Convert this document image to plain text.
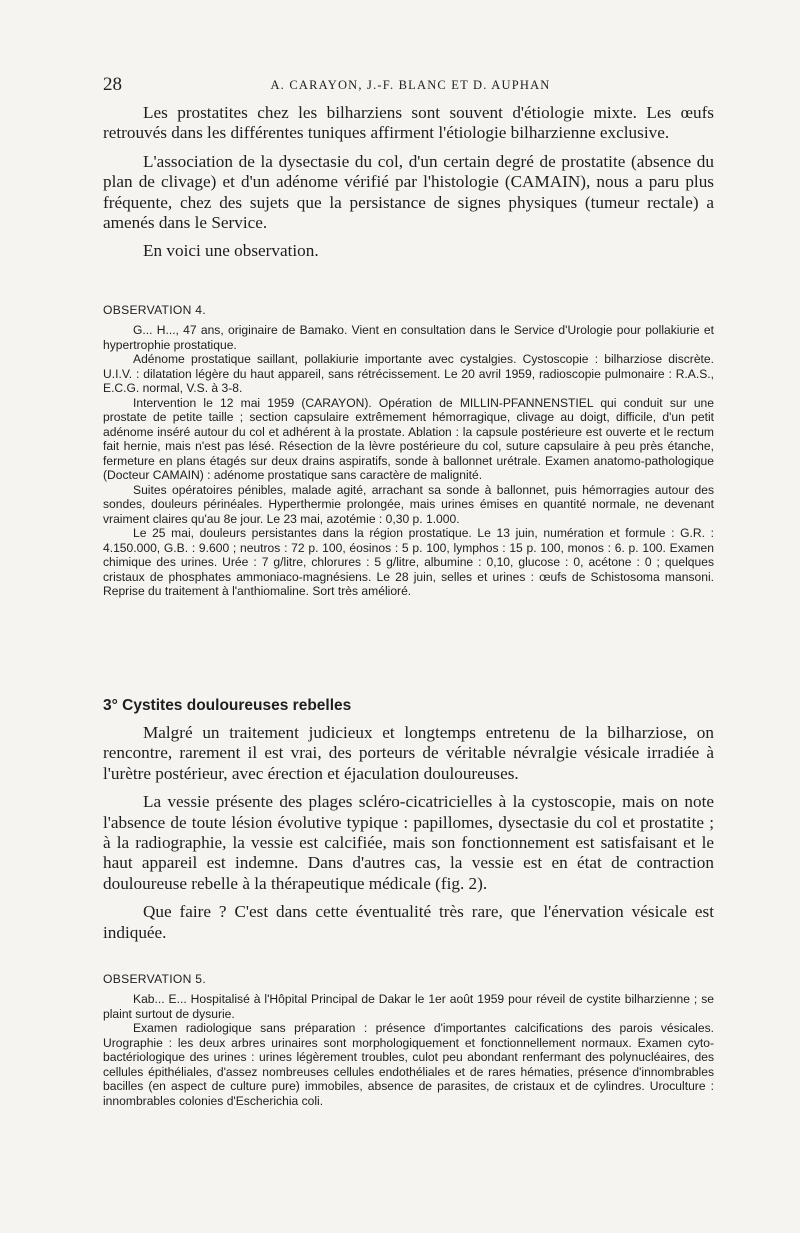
28	A. CARAYON, J.-F. BLANC ET D. AUPHAN

Les prostatites chez les bilharziens sont souvent d'étiologie mixte. Les œufs retrouvés dans les différentes tuniques affirment l'étiologie bilharzienne exclusive.

L'association de la dysectasie du col, d'un certain degré de prostatite (absence du plan de clivage) et d'un adénome vérifié par l'histologie (CAMAIN), nous a paru plus fréquente, chez des sujets que la persistance de signes physiques (tumeur rectale) a amenés dans le Service.

En voici une observation.

OBSERVATION 4.

G... H..., 47 ans, originaire de Bamako. Vient en consultation dans le Service d'Urologie pour pollakiurie et hypertrophie prostatique.

Adénome prostatique saillant, pollakiurie importante avec cystalgies. Cystoscopie : bilharziose discrète. U.I.V. : dilatation légère du haut appareil, sans rétrécissement. Le 20 avril 1959, radioscopie pulmonaire : R.A.S., E.C.G. normal, V.S. à 3-8.

Intervention le 12 mai 1959 (CARAYON). Opération de MILLIN-PFANNENSTIEL qui conduit sur une prostate de petite taille ; section capsulaire extrêmement hémorragique, clivage au doigt, difficile, d'un petit adénome inséré autour du col et adhérent à la prostate. Ablation : la capsule postérieure est ouverte et le rectum fait hernie, mais n'est pas lésé. Résection de la lèvre postérieure du col, suture capsulaire à peu près étanche, fermeture en plans étagés sur deux drains aspiratifs, sonde à ballonnet urétrale. Examen anatomo-pathologique (Docteur CAMAIN) : adénome prostatique sans caractère de malignité.

Suites opératoires pénibles, malade agité, arrachant sa sonde à ballonnet, puis hémorragies autour des sondes, douleurs périnéales. Hyperthermie prolongée, mais urines émises en quantité normale, ne devenant vraiment claires qu'au 8e jour. Le 23 mai, azotémie : 0,30 p. 1.000.

Le 25 mai, douleurs persistantes dans la région prostatique. Le 13 juin, numération et formule : G.R. : 4.150.000, G.B. : 9.600 ; neutros : 72 p. 100, éosinos : 5 p. 100, lymphos : 15 p. 100, monos : 6. p. 100. Examen chimique des urines. Urée : 7 g/litre, chlorures : 5 g/litre, albumine : 0,10, glucose : 0, acétone : 0 ; quelques cristaux de phosphates ammoniaco-magnésiens. Le 28 juin, selles et urines : œufs de Schistosoma mansoni. Reprise du traitement à l'anthiomaline. Sort très amélioré.

3° Cystites douloureuses rebelles

Malgré un traitement judicieux et longtemps entretenu de la bilharziose, on rencontre, rarement il est vrai, des porteurs de véritable névralgie vésicale irradiée à l'urètre postérieur, avec érection et éjaculation douloureuses.

La vessie présente des plages scléro-cicatricielles à la cystoscopie, mais on note l'absence de toute lésion évolutive typique : papillomes, dysectasie du col et prostatite ; à la radiographie, la vessie est calcifiée, mais son fonctionnement est satisfaisant et le haut appareil est indemne. Dans d'autres cas, la vessie est en état de contraction douloureuse rebelle à la thérapeutique médicale (fig. 2).

Que faire ? C'est dans cette éventualité très rare, que l'énervation vésicale est indiquée.

OBSERVATION 5.

Kab... E... Hospitalisé à l'Hôpital Principal de Dakar le 1er août 1959 pour réveil de cystite bilharzienne ; se plaint surtout de dysurie.

Examen radiologique sans préparation : présence d'importantes calcifications des parois vésicales. Urographie : les deux arbres urinaires sont morphologiquement et fonctionnellement normaux. Examen cyto-bactériologique des urines : urines légèrement troubles, culot peu abondant renfermant des polynucléaires, des cellules épithéliales, d'assez nombreuses cellules endothéliales et de rares hématies, présence d'innombrables bacilles (en aspect de culture pure) immobiles, absence de parasites, de cristaux et de cylindres. Uroculture : innombrables colonies d'Escherichia coli.
